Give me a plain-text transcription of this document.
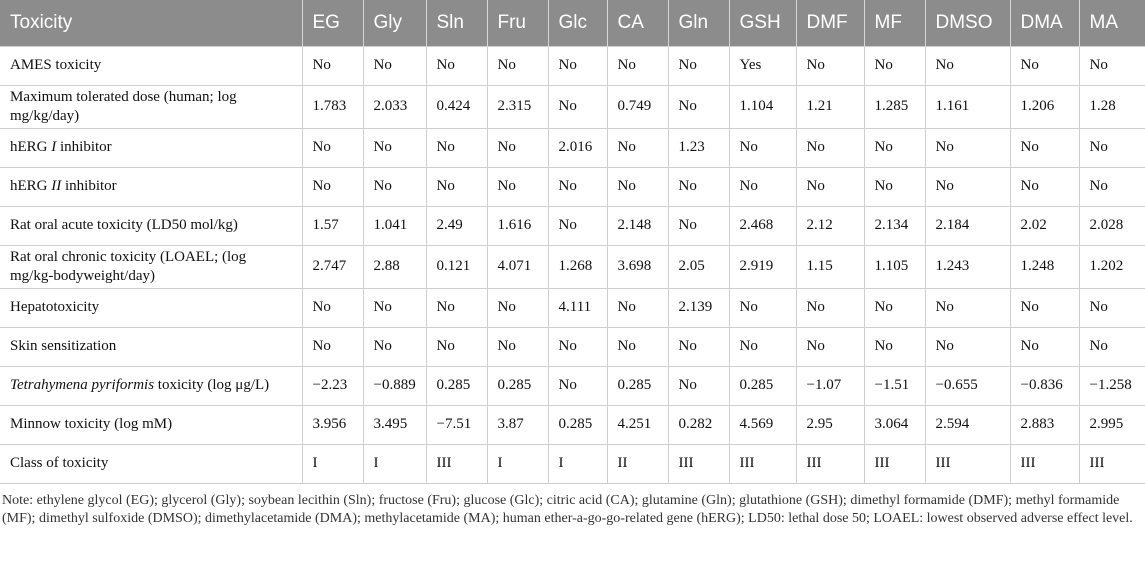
Toxicity	EG	Gly	Sln	Fru	Glc	CA	Gln	GSH	DMF	MF	DMSO	DMA	MA
AMES toxicity	No	No	No	No	No	No	No	Yes	No	No	No	No	No
Maximum tolerated dose (human; log mg/kg/day)	1.783	2.033	0.424	2.315	No	0.749	No	1.104	1.21	1.285	1.161	1.206	1.28
hERG I inhibitor	No	No	No	No	2.016	No	1.23	No	No	No	No	No	No
hERG II inhibitor	No	No	No	No	No	No	No	No	No	No	No	No	No
Rat oral acute toxicity (LD50 mol/kg)	1.57	1.041	2.49	1.616	No	2.148	No	2.468	2.12	2.134	2.184	2.02	2.028
Rat oral chronic toxicity (LOAEL; (log mg/kg-bodyweight/day)	2.747	2.88	0.121	4.071	1.268	3.698	2.05	2.919	1.15	1.105	1.243	1.248	1.202
Hepatotoxicity	No	No	No	No	4.111	No	2.139	No	No	No	No	No	No
Skin sensitization	No	No	No	No	No	No	No	No	No	No	No	No	No
Tetrahymena pyriformis toxicity (log μg/L)	−2.23	−0.889	0.285	0.285	No	0.285	No	0.285	−1.07	−1.51	−0.655	−0.836	−1.258
Minnow toxicity (log mM)	3.956	3.495	−7.51	3.87	0.285	4.251	0.282	4.569	2.95	3.064	2.594	2.883	2.995
Class of toxicity	I	I	III	I	I	II	III	III	III	III	III	III	III
Note: ethylene glycol (EG); glycerol (Gly); soybean lecithin (Sln); fructose (Fru); glucose (Glc); citric acid (CA); glutamine (Gln); glutathione (GSH); dimethyl formamide (DMF); methyl formamide (MF); dimethyl sulfoxide (DMSO); dimethylacetamide (DMA); methylacetamide (MA); human ether-a-go-go-related gene (hERG); LD50: lethal dose 50; LOAEL: lowest observed adverse effect level.
